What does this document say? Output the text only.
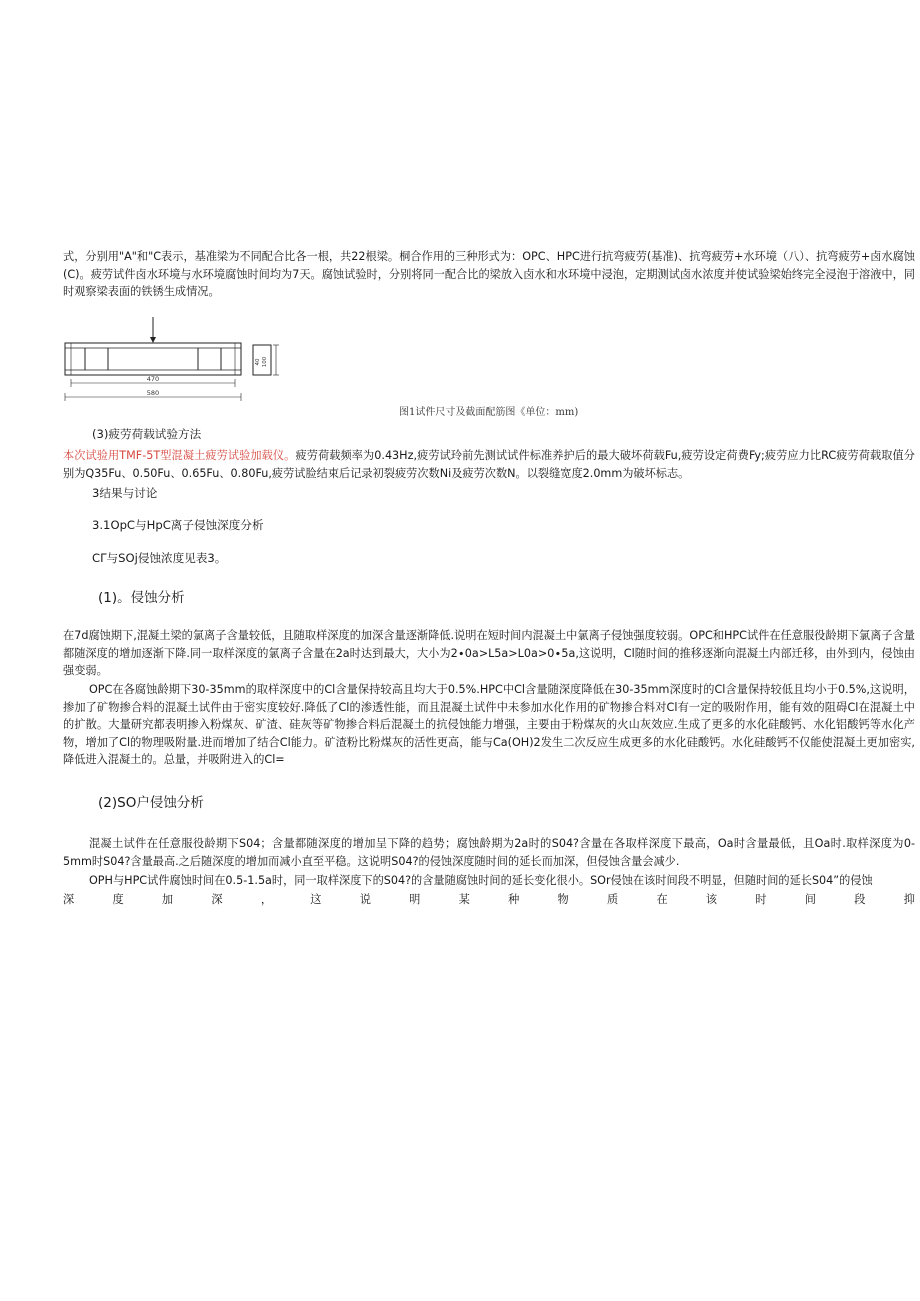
式，分别用"A"和"C表示，基准梁为不同配合比各一根，共22根梁。桐合作用的三种形式为：OPC、HPC进行抗弯疲劳(基准)、抗弯疲劳+水环境（八）、抗弯疲劳+卤水腐蚀(C)。疲劳试件卤水环境与水环境腐蚀时间均为7天。腐蚀试验时，分别将同一配合比的梁放入卤水和水环境中浸泡，定期测试卤水浓度并使试验梁始终完全浸泡于溶液中，同时观察梁表面的铁锈生成情况。

470
580
40 100
图1试件尺寸及截面配筋图《单位：mm)

(3)疲劳荷载试验方法

本次试验用TMF-5T型混凝土疲劳试验加载仪。疲劳荷载频率为0.43Hz,疲劳试玲前先测试试件标准养护后的最大破坏荷载Fu,疲劳设定荷费Fy;疲劳应力比RC疲劳荷载取值分别为Q35Fu、0.50Fu、0.65Fu、0.80Fu,疲劳试脸结束后记录初裂疲劳次数Ni及疲劳次数N。以裂缝宽度2.0mm为破坏标志。

3结果与讨论

3.1OpC与HpC离子侵蚀深度分析

CΓ与SOj侵蚀浓度见表3。

(1)。侵蚀分析

在7d腐蚀期下,混凝土梁的氯离子含量较低，且随取样深度的加深含量逐渐降低.说明在短时间内混凝土中氯离子侵蚀强度较弱。OPC和HPC试件在任意服役龄期下氯离子含量都随深度的增加逐渐下降.同一取样深度的氯离子含量在2a时达到最大，大小为2∙0a>L5a>L0a>0∙5a,这说明，Cl随时间的推移逐渐向混凝土内部迁移，由外到内，侵蚀由强变弱。

OPC在各腐蚀龄期下30-35mm的取样深度中的Cl含量保持较高且均大于0.5%.HPC中Cl含量随深度降低在30-35mm深度时的Cl含量保持较低且均小于0.5%,这说明，掺加了矿物掺合料的混凝土试件由于密实度较好.降低了Cl的渗透性能，而且混凝土试件中未参加水化作用的矿物掺合料对Cl有一定的吸附作用，能有效的阻碍Cl在混凝土中的扩散。大量研究都表明掺入粉煤灰、矿渣、硅灰等矿物掺合料后混凝土的抗侵蚀能力增强，主要由于粉煤灰的火山灰效应.生成了更多的水化硅酸钙、水化铝酸钙等水化产物，增加了Cl的物理吸附量.进而增加了结合Cl能力。矿渣粉比粉煤灰的活性更高，能与Ca(OH)2发生二次反应生成更多的水化硅酸钙。水化硅酸钙不仅能使混凝土更加密实,降低进入混凝土的。总量，并吸附进入的Cl=

(2)SO户侵蚀分析

混凝土试件在任意服役龄期下S04；含量都随深度的增加呈下降的趋势；腐蚀龄期为2a时的S04?含量在各取样深度下最高，Oa时含量最低，且Oa时.取样深度为0-5mm时S04?含量最高.之后随深度的增加而减小直至平稳。这说明S04?的侵蚀深度随时间的延长而加深，但侵蚀含量会减少.

OPH与HPC试件腐蚀时间在0.5-1.5a时，同一取样深度下的S04?的含量随腐蚀时间的延长变化很小。SOr侵蚀在该时间段不明显，但随时间的延长S04”的侵蚀

深	度	加	深	，	这	说	明	某	种	物	质	在	该	时	间	段	抑
